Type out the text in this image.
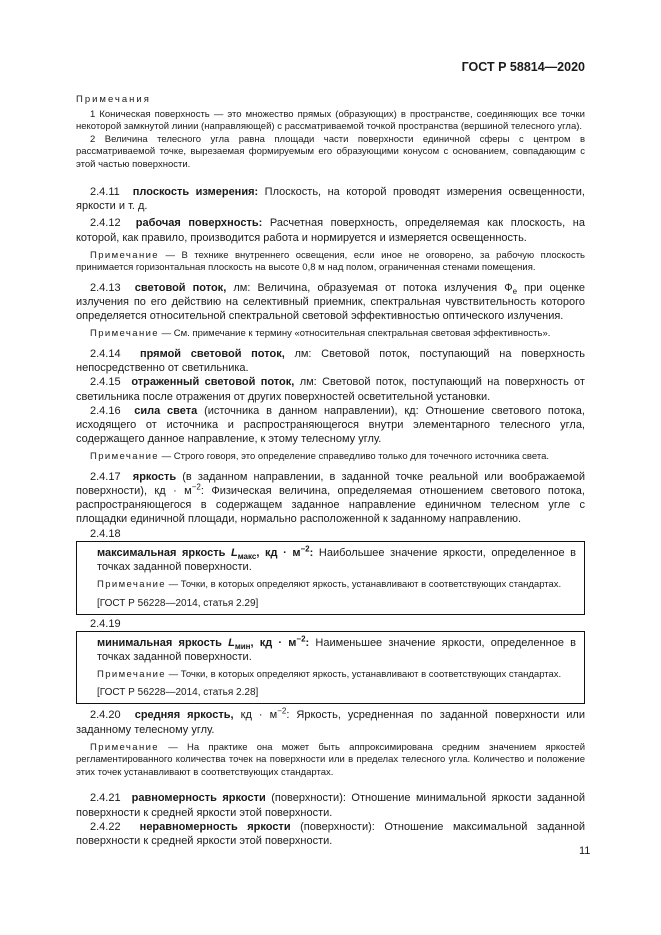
ГОСТ Р 58814—2020

Примечания

1 Коническая поверхность — это множество прямых (образующих) в пространстве, соединяющих все точки некоторой замкнутой линии (направляющей) с рассматриваемой точкой пространства (вершиной телесного угла).

2 Величина телесного угла равна площади части поверхности единичной сферы с центром в рассматриваемой точке, вырезаемая формируемым его образующими конусом с основанием, совпадающим с этой частью поверхности.

2.4.11 плоскость измерения: Плоскость, на которой проводят измерения освещенности, яркости и т. д.

2.4.12 рабочая поверхность: Расчетная поверхность, определяемая как плоскость, на которой, как правило, производится работа и нормируется и измеряется освещенность.

Примечание — В технике внутреннего освещения, если иное не оговорено, за рабочую плоскость принимается горизонтальная плоскость на высоте 0,8 м над полом, ограниченная стенами помещения.

2.4.13 световой поток, лм: Величина, образуемая от потока излучения $Ф_e$ при оценке излучения по его действию на селективный приемник, спектральная чувствительность которого определяется относительной спектральной световой эффективностью оптического излучения.

Примечание — См. примечание к термину «относительная спектральная световая эффективность».

2.4.14 прямой световой поток, лм: Световой поток, поступающий на поверхность непосредственно от светильника.

2.4.15 отраженный световой поток, лм: Световой поток, поступающий на поверхность от светильника после отражения от других поверхностей осветительной установки.

2.4.16 сила света (источника в данном направлении), кд: Отношение светового потока, исходящего от источника и распространяющегося внутри элементарного телесного угла, содержащего данное направление, к этому телесному углу.

Примечание — Строго говоря, это определение справедливо только для точечного источника света.

2.4.17 яркость (в заданном направлении, в заданной точке реальной или воображаемой поверхности), кд · $м^{-2}$: Физическая величина, определяемая отношением светового потока, распространяющегося в содержащем заданное направление единичном телесном угле с площадки единичной площади, нормально расположенной к заданному направлению.

2.4.18

максимальная яркость $L_{макс}$, кд · $м^{-2}$: Наибольшее значение яркости, определенное в точках заданной поверхности.

Примечание — Точки, в которых определяют яркость, устанавливают в соответствующих стандартах.

[ГОСТ Р 56228—2014, статья 2.29]

2.4.19

минимальная яркость $L_{мин}$, кд · $м^{-2}$: Наименьшее значение яркости, определенное в точках заданной поверхности.

Примечание — Точки, в которых определяют яркость, устанавливают в соответствующих стандартах.

[ГОСТ Р 56228—2014, статья 2.28]

2.4.20 средняя яркость, кд · $м^{-2}$: Яркость, усредненная по заданной поверхности или заданному телесному углу.

Примечание — На практике она может быть аппроксимирована средним значением яркостей регламентированного количества точек на поверхности или в пределах телесного угла. Количество и положение этих точек устанавливают в соответствующих стандартах.

2.4.21 равномерность яркости (поверхности): Отношение минимальной яркости заданной поверхности к средней яркости этой поверхности.

2.4.22 неравномерность яркости (поверхности): Отношение максимальной заданной поверхности к средней яркости этой поверхности.

11
